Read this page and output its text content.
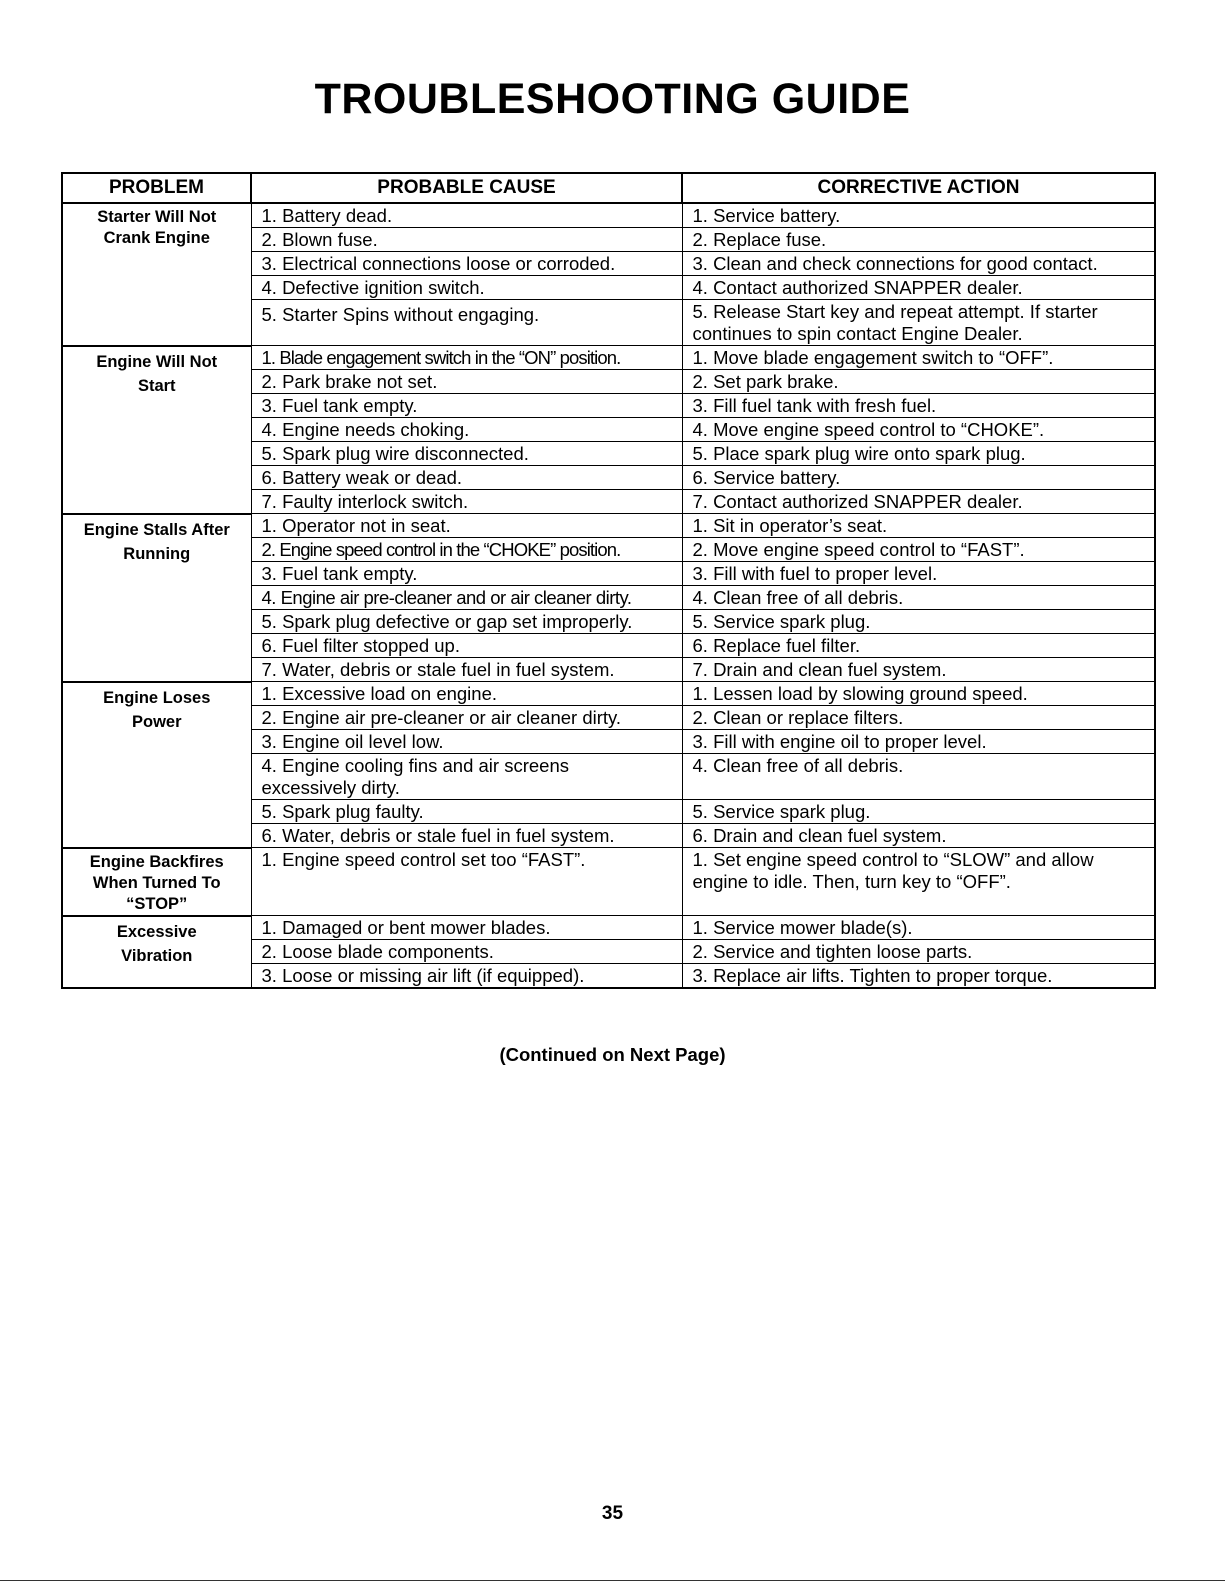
TROUBLESHOOTING GUIDE
PROBLEM	PROBABLE CAUSE	CORRECTIVE ACTION
Starter Will Not Crank Engine	1. Battery dead.	1. Service battery.
	2. Blown fuse.	2. Replace fuse.
	3. Electrical connections loose or corroded.	3. Clean and check connections for good contact.
	4. Defective ignition switch.	4. Contact authorized SNAPPER dealer.
	5. Starter Spins without engaging.	5. Release Start key and repeat attempt. If starter continues to spin contact Engine Dealer.
Engine Will Not Start	1. Blade engagement switch in the “ON” position.	1. Move blade engagement switch to “OFF”.
	2. Park brake not set.	2. Set park brake.
	3. Fuel tank empty.	3. Fill fuel tank with fresh fuel.
	4. Engine needs choking.	4. Move engine speed control to “CHOKE”.
	5. Spark plug wire disconnected.	5. Place spark plug wire onto spark plug.
	6. Battery weak or dead.	6. Service battery.
	7. Faulty interlock switch.	7. Contact authorized SNAPPER dealer.
Engine Stalls After Running	1. Operator not in seat.	1. Sit in operator’s seat.
	2. Engine speed control in the “CHOKE” position.	2. Move engine speed control to “FAST”.
	3. Fuel tank empty.	3. Fill with fuel to proper level.
	4. Engine air pre-cleaner and or air cleaner dirty.	4. Clean free of all debris.
	5. Spark plug defective or gap set improperly.	5. Service spark plug.
	6. Fuel filter stopped up.	6. Replace fuel filter.
	7. Water, debris or stale fuel in fuel system.	7. Drain and clean fuel system.
Engine Loses Power	1. Excessive load on engine.	1. Lessen load by slowing ground speed.
	2. Engine air pre-cleaner or air cleaner dirty.	2. Clean or replace filters.
	3. Engine oil level low.	3. Fill with engine oil to proper level.
	4. Engine cooling fins and air screens excessively dirty.	4. Clean free of all debris.
	5. Spark plug faulty.	5. Service spark plug.
	6. Water, debris or stale fuel in fuel system.	6. Drain and clean fuel system.
Engine Backfires When Turned To “STOP”	1. Engine speed control set too “FAST”.	1. Set engine speed control to “SLOW” and allow engine to idle. Then, turn key to “OFF”.
Excessive Vibration	1. Damaged or bent mower blades.	1. Service mower blade(s).
	2. Loose blade components.	2. Service and tighten loose parts.
	3. Loose or missing air lift (if equipped).	3. Replace air lifts. Tighten to proper torque.
(Continued on Next Page)
35
